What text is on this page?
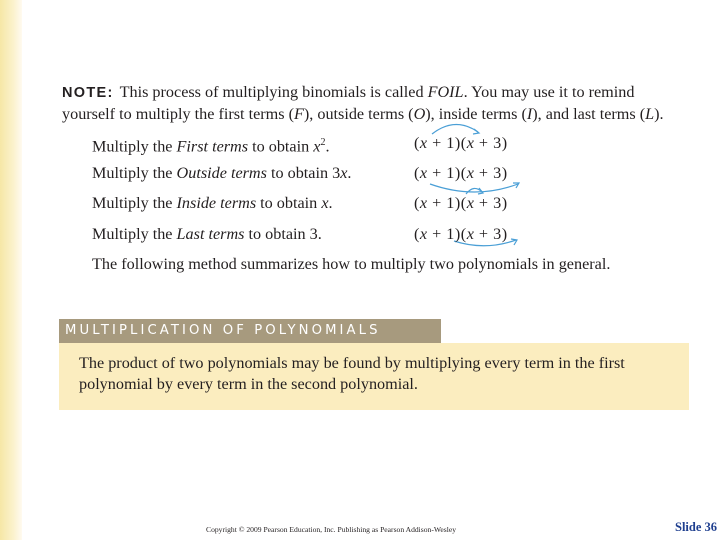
NOTE: This process of multiplying binomials is called FOIL. You may use it to remind
yourself to multiply the first terms (F), outside terms (O), inside terms (I), and last terms (L).
Multiply the First terms to obtain $x^2$.	(x + 1)(x + 3)
Multiply the Outside terms to obtain 3x.	(x + 1)(x + 3)
Multiply the Inside terms to obtain x.	(x + 1)(x + 3)
Multiply the Last terms to obtain 3.	(x + 1)(x + 3)
The following method summarizes how to multiply two polynomials in general.
MULTIPLICATION OF POLYNOMIALS
The product of two polynomials may be found by multiplying every term in the first
polynomial by every term in the second polynomial.
Copyright © 2009 Pearson Education, Inc. Publishing as Pearson Addison-Wesley	Slide 36
